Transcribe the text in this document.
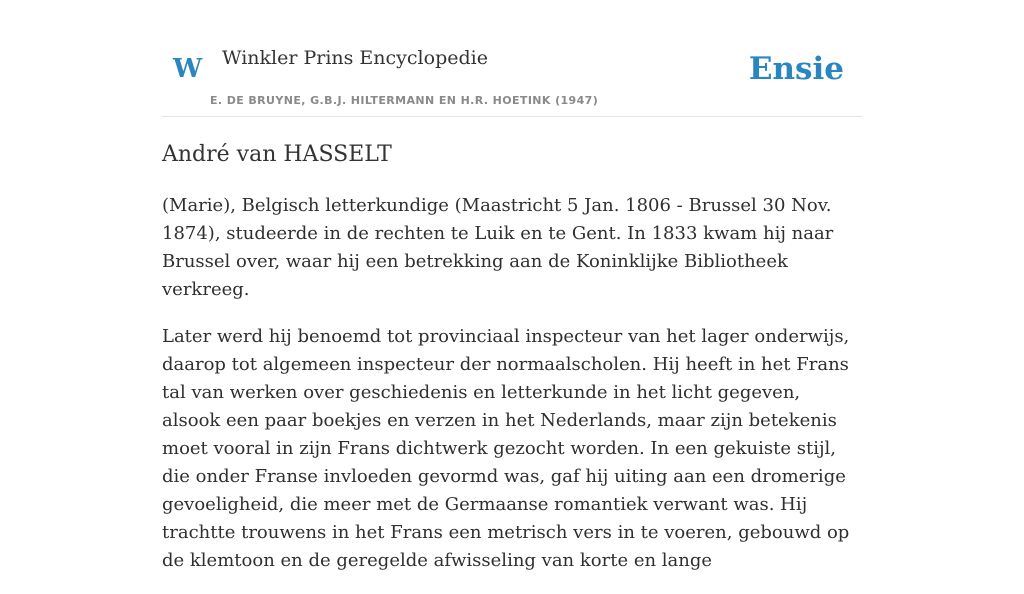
W Winkler Prins Encyclopedie
E. DE BRUYNE, G.B.J. HILTERMANN EN H.R. HOETINK (1947)
Ensie
André van HASSELT

(Marie), Belgisch letterkundige (Maastricht 5 Jan. 1806 - Brussel 30 Nov. 1874), studeerde in de rechten te Luik en te Gent. In 1833 kwam hij naar Brussel over, waar hij een betrekking aan de Koninklijke Bibliotheek verkreeg.

Later werd hij benoemd tot provinciaal inspecteur van het lager onderwijs, daarop tot algemeen inspecteur der normaalscholen. Hij heeft in het Frans tal van werken over geschiedenis en letterkunde in het licht gegeven, alsook een paar boekjes en verzen in het Nederlands, maar zijn betekenis moet vooral in zijn Frans dichtwerk gezocht worden. In een gekuiste stijl, die onder Franse invloeden gevormd was, gaf hij uiting aan een dromerige gevoeligheid, die meer met de Germaanse romantiek verwant was. Hij trachtte trouwens in het Frans een metrisch vers in te voeren, gebouwd op de klemtoon en de geregelde afwisseling van korte en lange
